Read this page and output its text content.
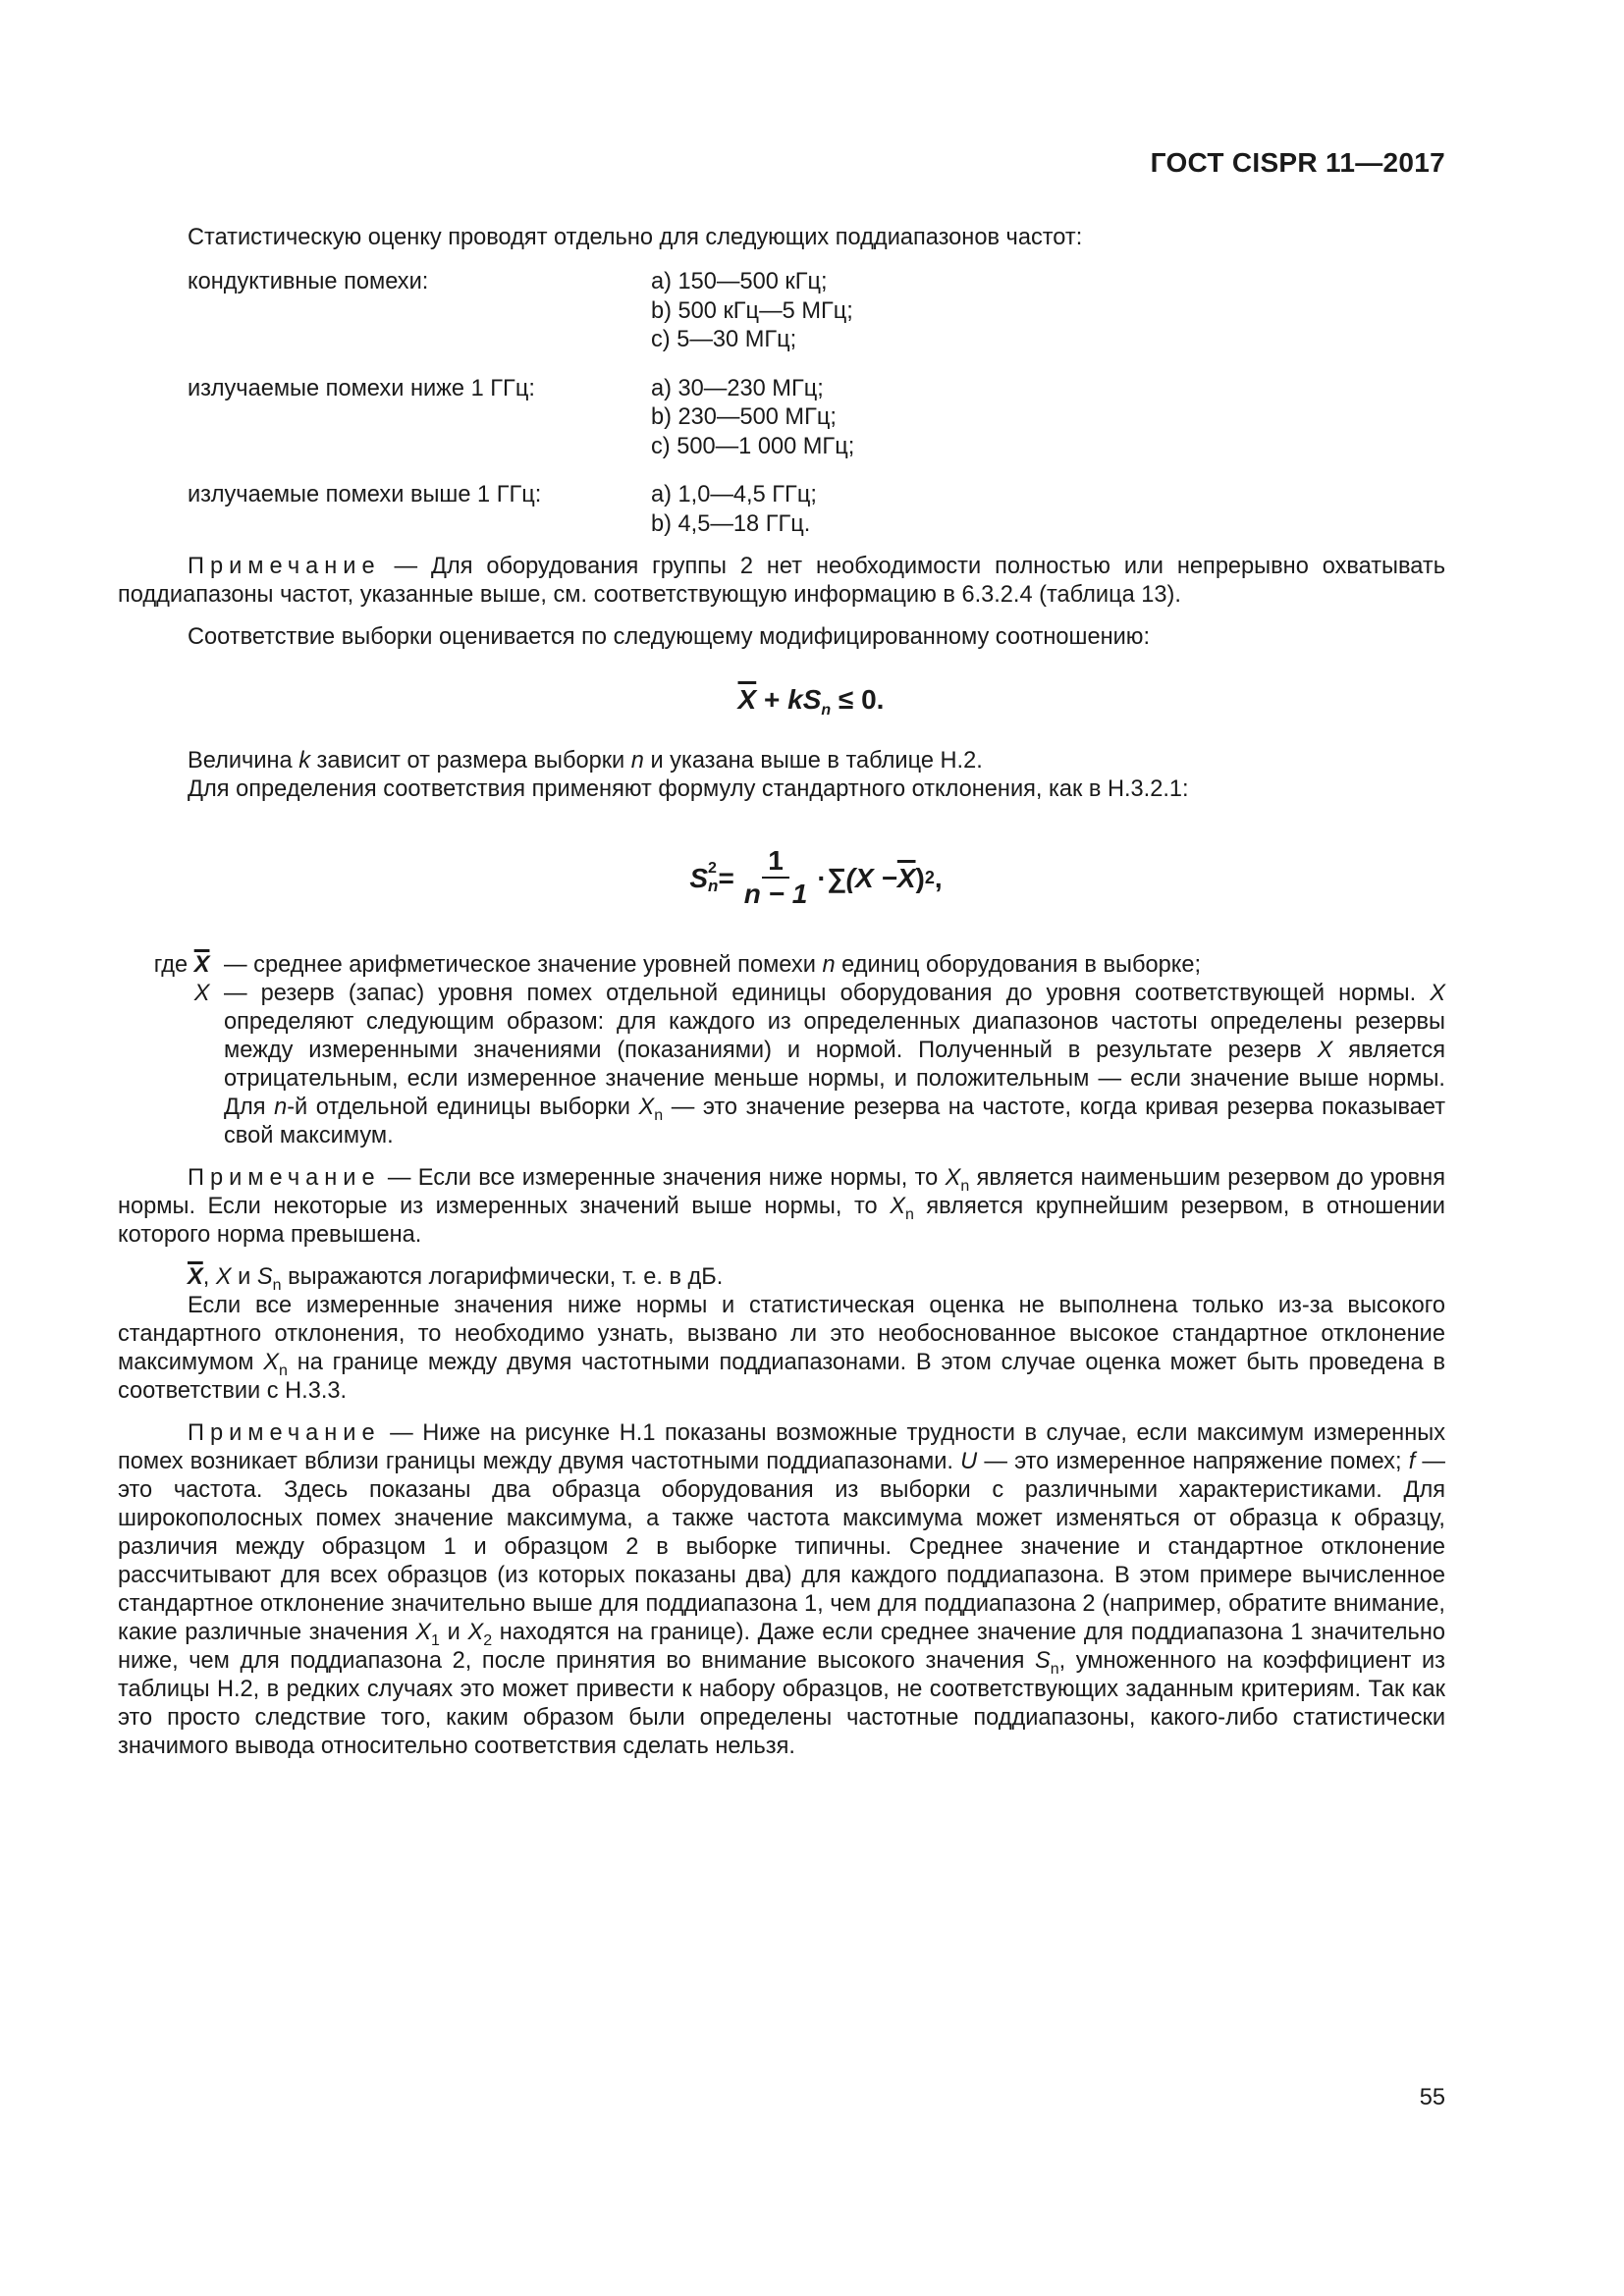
ГОСТ CISPR 11—2017

Статистическую оценку проводят отдельно для следующих поддиапазонов частот:

кондуктивные помехи:	a) 150—500 кГц;
b) 500 кГц—5 МГц;
c) 5—30 МГц;
излучаемые помехи ниже 1 ГГц:	a) 30—230 МГц;
b) 230—500 МГц;
c) 500—1 000 МГц;
излучаемые помехи выше 1 ГГц:	a) 1,0—4,5 ГГц;
b) 4,5—18 ГГц.

Примечание — Для оборудования группы 2 нет необходимости полностью или непрерывно охватывать поддиапазоны частот, указанные выше, см. соответствующую информацию в 6.3.2.4 (таблица 13).

Соответствие выборки оценивается по следующему модифицированному соотношению:

$\overline{X} + kS_n \le 0$.

Величина k зависит от размера выборки n и указана выше в таблице H.2.

Для определения соответствия применяют формулу стандартного отклонения, как в H.3.2.1:

S 2
$n = \frac{1}{n - 1} \cdot \sum(X - \overline{X}$ ) 2 ,
где $\overline{X}$ — среднее арифметическое значение уровней помехи n единиц оборудования в выборке;
X — резерв (запас) уровня помех отдельной единицы оборудования до уровня соответствующей нормы. X определяют следующим образом: для каждого из определенных диапазонов частоты определены резервы между измеренными значениями (показаниями) и нормой. Полученный в результате резерв X является отрицательным, если измеренное значение меньше нормы, и положительным — если значение выше нормы. Для n-й отдельной единицы выборки $X_n$ — это значение резерва на частоте, когда кривая резерва показывает свой максимум.

Примечание — Если все измеренные значения ниже нормы, то $X_n$ является наименьшим резервом до уровня нормы. Если некоторые из измеренных значений выше нормы, то $X_n$ является крупнейшим резервом, в отношении которого норма превышена.

$\overline{X}$, X и $S_n$ выражаются логарифмически, т. е. в дБ.

Если все измеренные значения ниже нормы и статистическая оценка не выполнена только из-за высокого стандартного отклонения, то необходимо узнать, вызвано ли это необоснованное высокое стандартное отклонение максимумом $X_n$ на границе между двумя частотными поддиапазонами. В этом случае оценка может быть проведена в соответствии с H.3.3.

Примечание — Ниже на рисунке H.1 показаны возможные трудности в случае, если максимум измеренных помех возникает вблизи границы между двумя частотными поддиапазонами. U — это измеренное напряжение помех; f — это частота. Здесь показаны два образца оборудования из выборки с различными характеристиками. Для широкополосных помех значение максимума, а также частота максимума может изменяться от образца к образцу, различия между образцом 1 и образцом 2 в выборке типичны. Среднее значение и стандартное отклонение рассчитывают для всех образцов (из которых показаны два) для каждого поддиапазона. В этом примере вычисленное стандартное отклонение значительно выше для поддиапазона 1, чем для поддиапазона 2 (например, обратите внимание, какие различные значения $X_1$ и $X_2$ находятся на границе). Даже если среднее значение для поддиапазона 1 значительно ниже, чем для поддиапазона 2, после принятия во внимание высокого значения $S_n$, умноженного на коэффициент из таблицы H.2, в редких случаях это может привести к набору образцов, не соответствующих заданным критериям. Так как это просто следствие того, каким образом были определены частотные поддиапазоны, какого-либо статистически значимого вывода относительно соответствия сделать нельзя.

55
